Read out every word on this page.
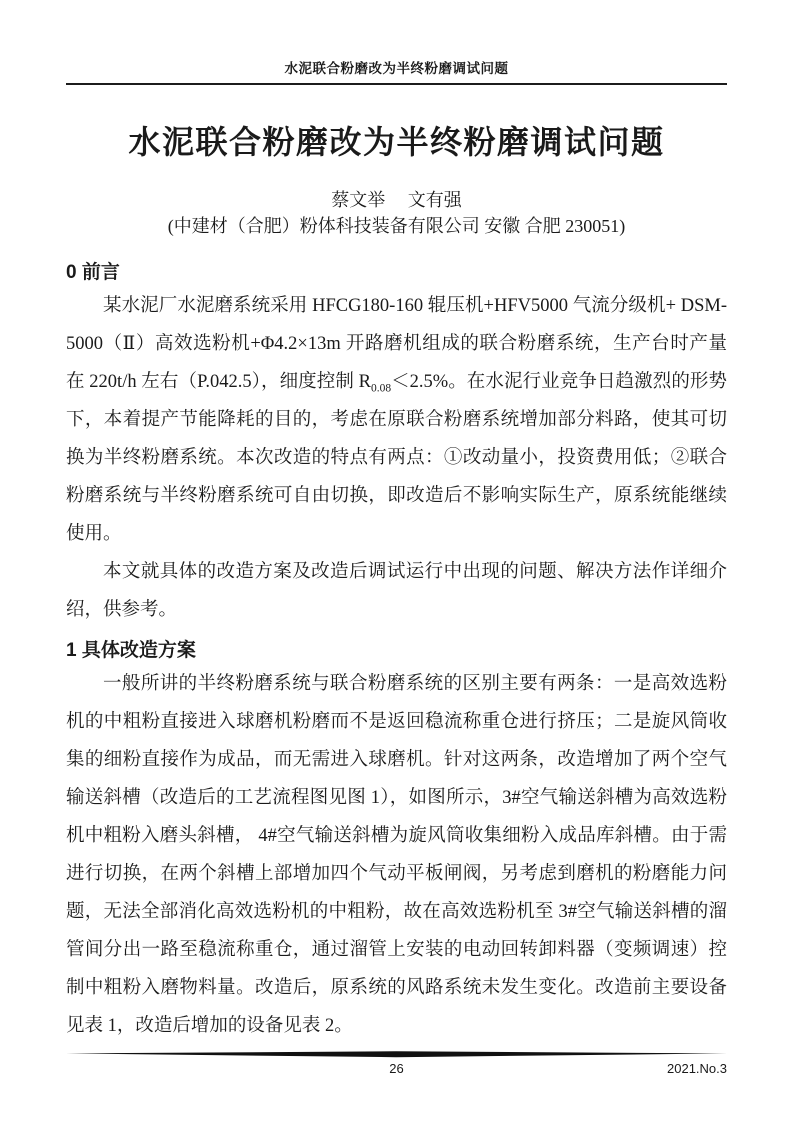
水泥联合粉磨改为半终粉磨调试问题
水泥联合粉磨改为半终粉磨调试问题
蔡文举　 文有强
(中建材（合肥）粉体科技装备有限公司 安徽 合肥 230051)
0 前言

某水泥厂水泥磨系统采用 HFCG180-160 辊压机+HFV5000 气流分级机+ DSM-5000（Ⅱ）高效选粉机+Φ4.2×13m 开路磨机组成的联合粉磨系统，生产台时产量在 220t/h 左右（P.042.5），细度控制 $R_{0.08}<2.5\%$。在水泥行业竞争日趋激烈的形势下，本着提产节能降耗的目的，考虑在原联合粉磨系统增加部分料路，使其可切换为半终粉磨系统。本次改造的特点有两点：①改动量小，投资费用低；②联合粉磨系统与半终粉磨系统可自由切换，即改造后不影响实际生产，原系统能继续使用。

本文就具体的改造方案及改造后调试运行中出现的问题、解决方法作详细介绍，供参考。

1 具体改造方案

一般所讲的半终粉磨系统与联合粉磨系统的区别主要有两条：一是高效选粉机的中粗粉直接进入球磨机粉磨而不是返回稳流称重仓进行挤压；二是旋风筒收集的细粉直接作为成品，而无需进入球磨机。针对这两条，改造增加了两个空气输送斜槽（改造后的工艺流程图见图 1），如图所示，3#空气输送斜槽为高效选粉机中粗粉入磨头斜槽， 4#空气输送斜槽为旋风筒收集细粉入成品库斜槽。由于需进行切换，在两个斜槽上部增加四个气动平板闸阀，另考虑到磨机的粉磨能力问题，无法全部消化高效选粉机的中粗粉，故在高效选粉机至 3#空气输送斜槽的溜管间分出一路至稳流称重仓，通过溜管上安装的电动回转卸料器（变频调速）控制中粗粉入磨物料量。改造后，原系统的风路系统未发生变化。改造前主要设备见表 1，改造后增加的设备见表 2。

26	2021.No.3
